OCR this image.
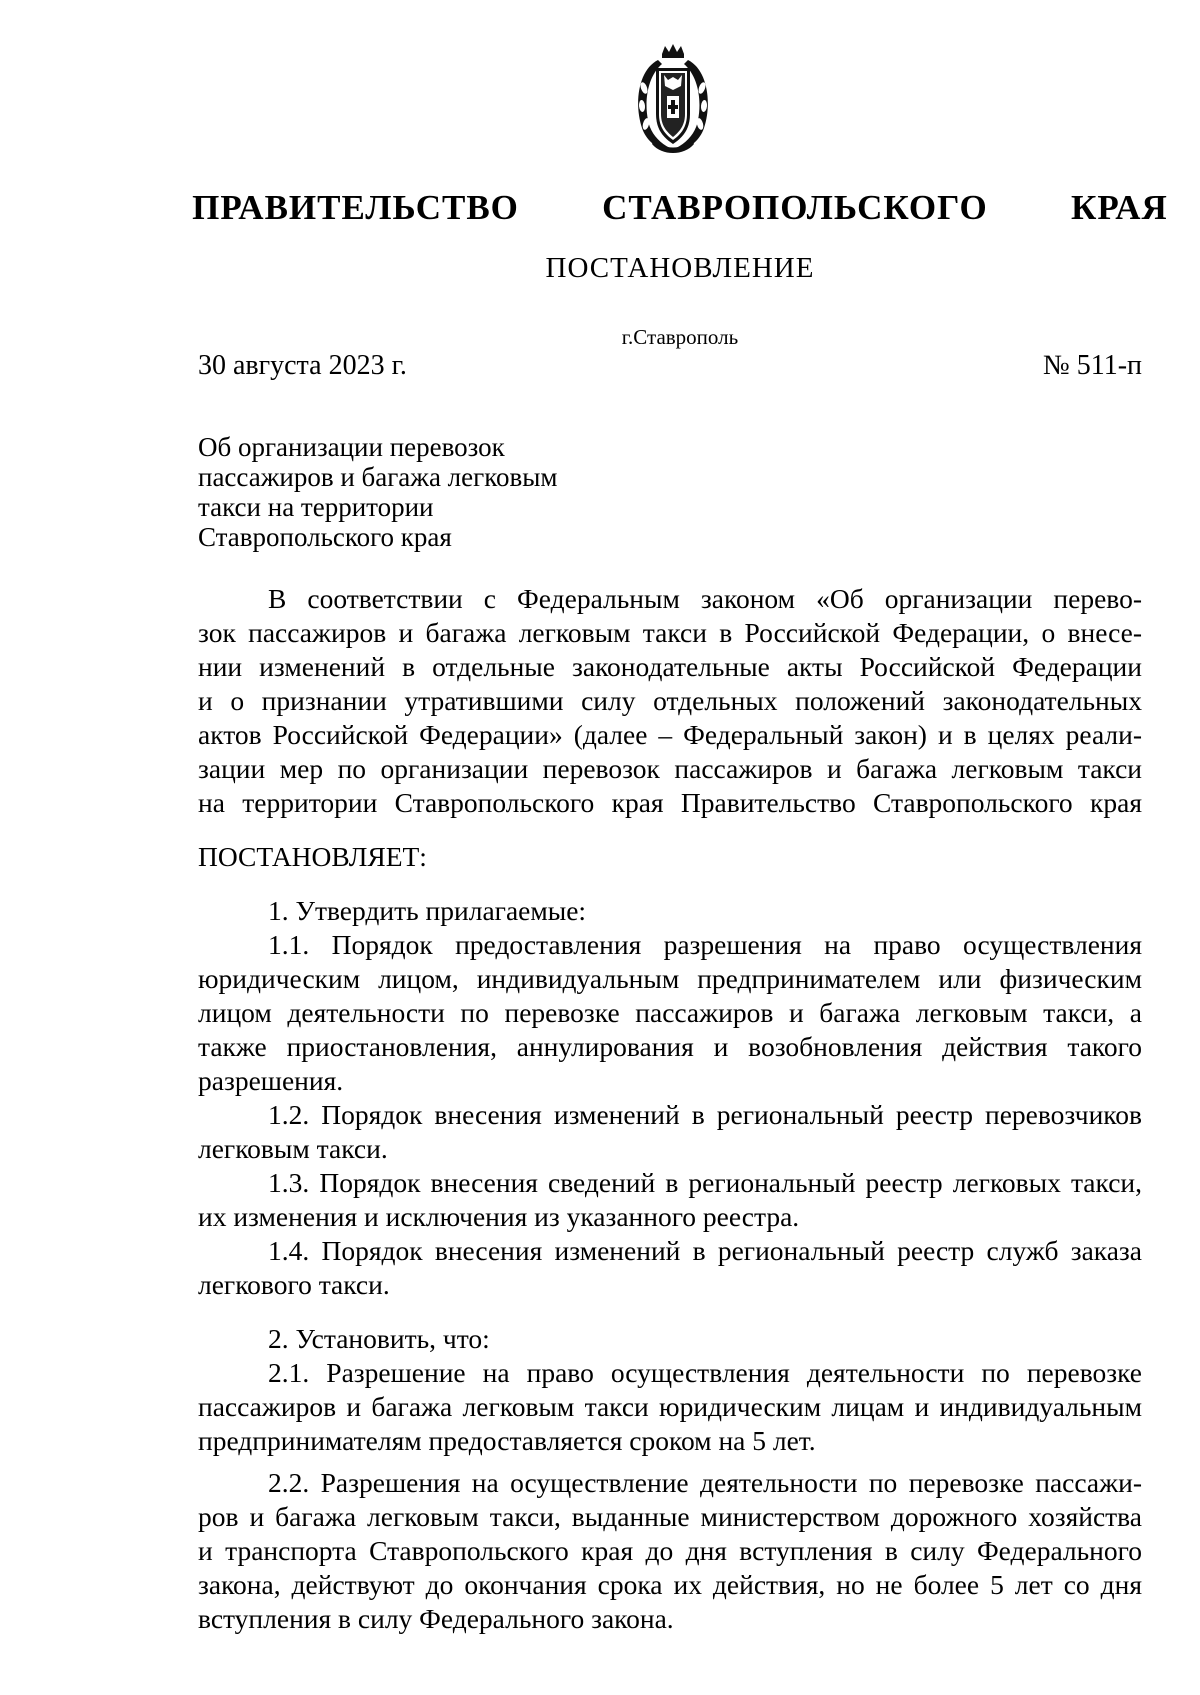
ПРАВИТЕЛЬСТВО   СТАВРОПОЛЬСКОГО   КРАЯ
ПОСТАНОВЛЕНИЕ
г.Ставрополь
30 августа 2023 г.	№ 511-п
Об организации перевозок
пассажиров и багажа легковым
такси на территории
Ставропольского края
В соответствии с Федеральным законом «Об организации перево-
зок пассажиров и багажа легковым такси в Российской Федерации, о внесе-
нии изменений в отдельные законодательные акты Российской Федерации
и о признании утратившими силу отдельных положений законодательных
актов Российской Федерации» (далее – Федеральный закон) и в целях реали-
зации мер по организации перевозок пассажиров и багажа легковым такси
на территории Ставропольского края Правительство Ставропольского края
ПОСТАНОВЛЯЕТ:
1. Утвердить прилагаемые:
1.1. Порядок предоставления разрешения на право осуществления
юридическим лицом, индивидуальным предпринимателем или физическим
лицом деятельности по перевозке пассажиров и багажа легковым такси, а
также приостановления, аннулирования и возобновления действия такого
разрешения.
1.2. Порядок внесения изменений в региональный реестр перевозчиков
легковым такси.
1.3. Порядок внесения сведений в региональный реестр легковых такси,
их изменения и исключения из указанного реестра.
1.4. Порядок внесения изменений в региональный реестр служб заказа
легкового такси.
2. Установить, что:
2.1. Разрешение на право осуществления деятельности по перевозке
пассажиров и багажа легковым такси юридическим лицам и индивидуальным
предпринимателям предоставляется сроком на 5 лет.
2.2. Разрешения на осуществление деятельности по перевозке пассажи-
ров и багажа легковым такси, выданные министерством дорожного хозяйства
и транспорта Ставропольского края до дня вступления в силу Федерального
закона, действуют до окончания срока их действия, но не более 5 лет со дня
вступления в силу Федерального закона.
